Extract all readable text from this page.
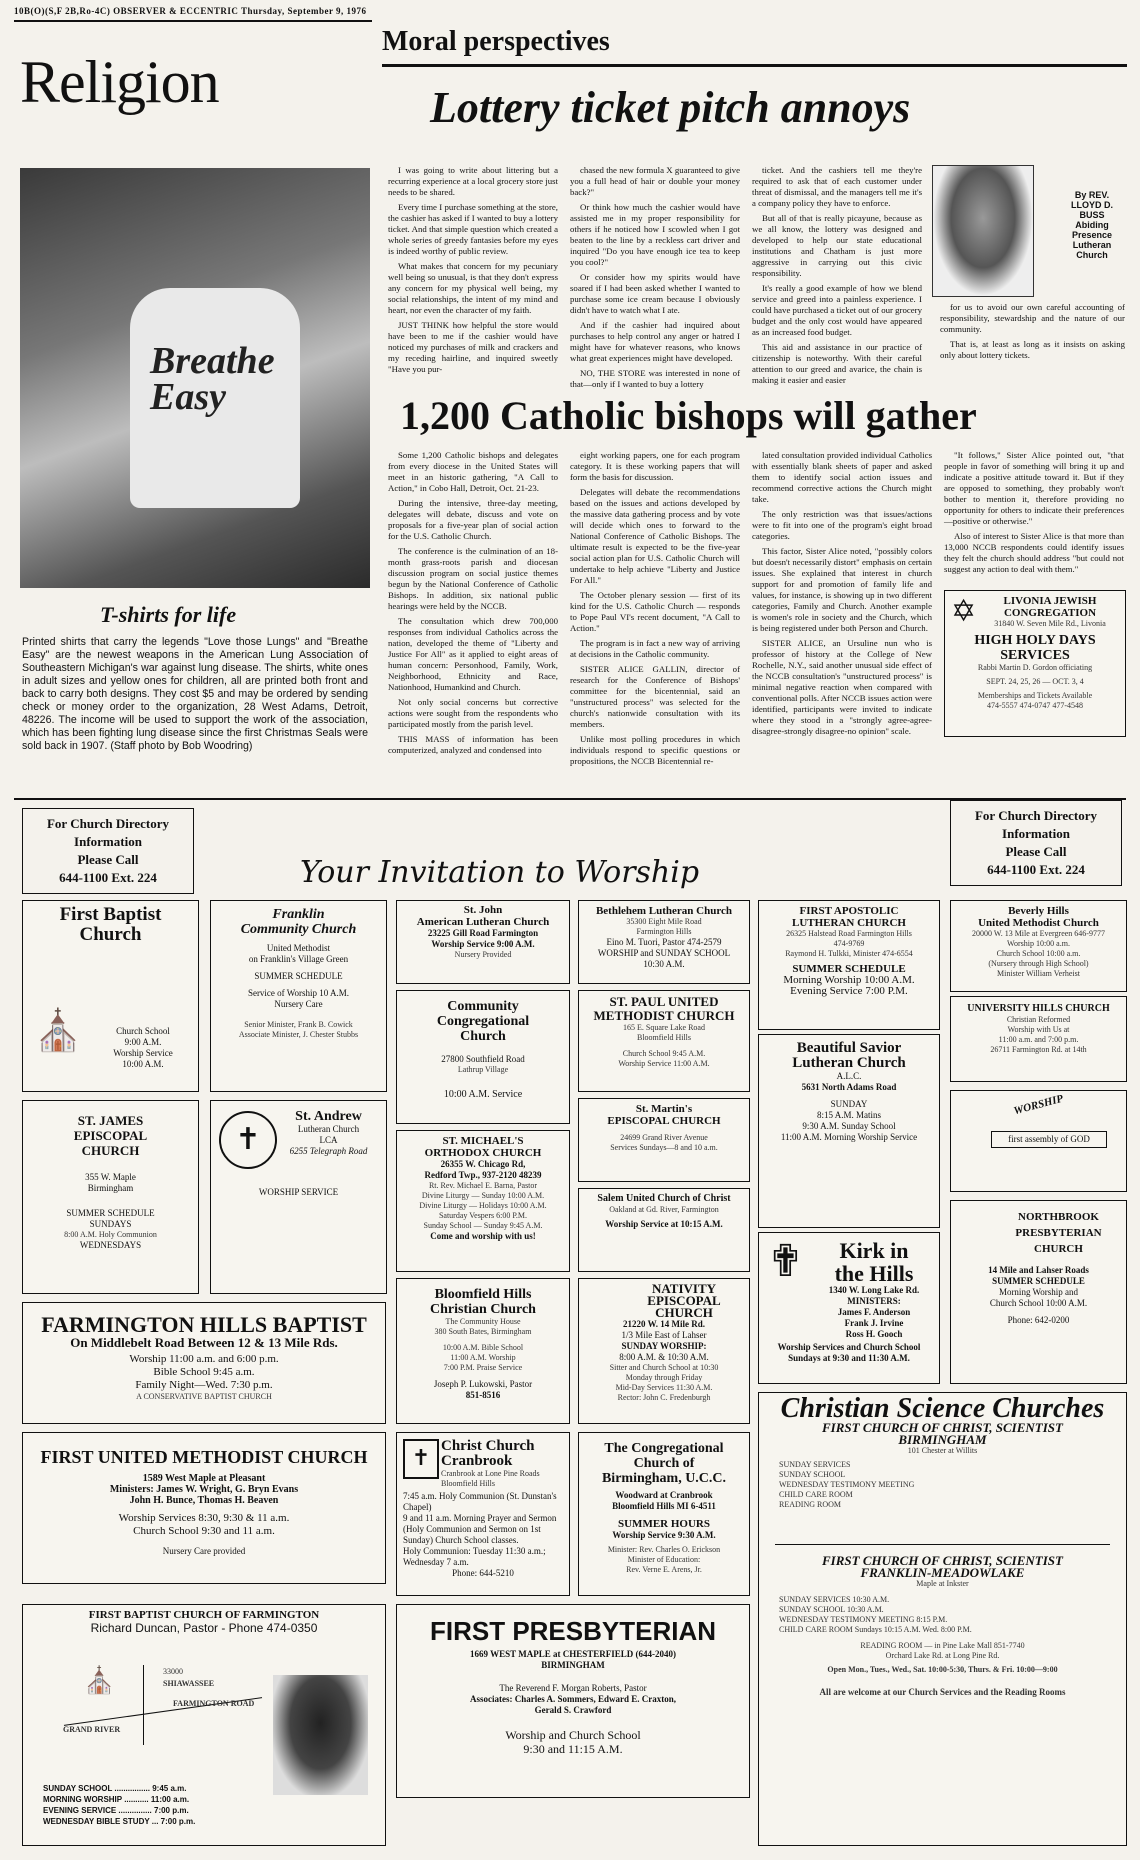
10B(O)(S,F 2B,Ro-4C) OBSERVER & ECCENTRIC Thursday, September 9, 1976
Religion
Moral perspectives
Lottery ticket pitch annoys
Breathe
Easy
T-shirts for life
Printed shirts that carry the legends "Love those Lungs" and "Breathe Easy" are the newest weapons in the American Lung Association of Southeastern Michigan's war against lung disease. The shirts, white ones in adult sizes and yellow ones for children, all are printed both front and back to carry both designs. They cost $5 and may be ordered by sending check or money order to the organization, 28 West Adams, Detroit, 48226. The income will be used to support the work of the association, which has been fighting lung disease since the first Christmas Seals were sold back in 1907. (Staff photo by Bob Woodring)

I was going to write about littering but a recurring experience at a local grocery store just needs to be shared.

Every time I purchase something at the store, the cashier has asked if I wanted to buy a lottery ticket. And that simple question which created a whole series of greedy fantasies before my eyes is indeed worthy of public review.

What makes that concern for my pecuniary well being so unusual, is that they don't express any concern for my physical well being, my social relationships, the intent of my mind and heart, nor even the character of my faith.

JUST THINK how helpful the store would have been to me if the cashier would have noticed my purchases of milk and crackers and my receding hairline, and inquired sweetly "Have you pur-

chased the new formula X guaranteed to give you a full head of hair or double your money back?"

Or think how much the cashier would have assisted me in my proper responsibility for others if he noticed how I scowled when I got beaten to the line by a reckless cart driver and inquired "Do you have enough ice tea to keep you cool?"

Or consider how my spirits would have soared if I had been asked whether I wanted to purchase some ice cream because I obviously didn't have to watch what I ate.

And if the cashier had inquired about purchases to help control any anger or hatred I might have for whatever reasons, who knows what great experiences might have developed.

NO, THE STORE was interested in none of that—only if I wanted to buy a lottery

ticket. And the cashiers tell me they're required to ask that of each customer under threat of dismissal, and the managers tell me it's a company policy they have to enforce.

But all of that is really picayune, because as we all know, the lottery was designed and developed to help our state educational institutions and Chatham is just more aggressive in carrying out this civic responsibility.

It's really a good example of how we blend service and greed into a painless experience. I could have purchased a ticket out of our grocery budget and the only cost would have appeared as an increased food budget.

This aid and assistance in our practice of citizenship is noteworthy. With their careful attention to our greed and avarice, the chain is making it easier and easier

By REV. LLOYD D. BUSS Abiding Presence Lutheran Church

for us to avoid our own careful accounting of responsibility, stewardship and the nature of our community.

That is, at least as long as it insists on asking only about lottery tickets.

1,200 Catholic bishops will gather

Some 1,200 Catholic bishops and delegates from every diocese in the United States will meet in an historic gathering, "A Call to Action," in Cobo Hall, Detroit, Oct. 21-23.

During the intensive, three-day meeting, delegates will debate, discuss and vote on proposals for a five-year plan of social action for the U.S. Catholic Church.

The conference is the culmination of an 18-month grass-roots parish and diocesan discussion program on social justice themes begun by the National Conference of Catholic Bishops. In addition, six national public hearings were held by the NCCB.

The consultation which drew 700,000 responses from individual Catholics across the nation, developed the theme of "Liberty and Justice For All" as it applied to eight areas of human concern: Personhood, Family, Work, Neighborhood, Ethnicity and Race, Nationhood, Humankind and Church.

Not only social concerns but corrective actions were sought from the respondents who participated mostly from the parish level.

THIS MASS of information has been computerized, analyzed and condensed into

eight working papers, one for each program category. It is these working papers that will form the basis for discussion.

Delegates will debate the recommendations based on the issues and actions developed by the massive data gathering process and by vote will decide which ones to forward to the National Conference of Catholic Bishops. The ultimate result is expected to be the five-year social action plan for U.S. Catholic Church will undertake to help achieve "Liberty and Justice For All."

The October plenary session — first of its kind for the U.S. Catholic Church — responds to Pope Paul VI's recent document, "A Call to Action."

The program is in fact a new way of arriving at decisions in the Catholic community.

SISTER ALICE GALLIN, director of research for the Conference of Bishops' committee for the bicentennial, said an "unstructured process" was selected for the church's nationwide consultation with its members.

Unlike most polling procedures in which individuals respond to specific questions or propositions, the NCCB Bicentennial re-

lated consultation provided individual Catholics with essentially blank sheets of paper and asked them to identify social action issues and recommend corrective actions the Church might take.

The only restriction was that issues/actions were to fit into one of the program's eight broad categories.

This factor, Sister Alice noted, "possibly colors but doesn't necessarily distort" emphasis on certain issues. She explained that interest in church support for and promotion of family life and values, for instance, is showing up in two different categories, Family and Church. Another example is women's role in society and the Church, which is being registered under both Person and Church.

SISTER ALICE, an Ursuline nun who is professor of history at the College of New Rochelle, N.Y., said another unusual side effect of the NCCB consultation's "unstructured process" is minimal negative reaction when compared with conventional polls. After NCCB issues action were identified, participants were invited to indicate where they stood in a "strongly agree-agree-disagree-strongly disagree-no opinion" scale.

"It follows," Sister Alice pointed out, "that people in favor of something will bring it up and indicate a positive attitude toward it. But if they are opposed to something, they probably won't bother to mention it, therefore providing no opportunity for others to indicate their preferences—positive or otherwise."

Also of interest to Sister Alice is that more than 13,000 NCCB respondents could identify issues they felt the church should address "but could not suggest any action to deal with them."

✡	LIVONIA JEWISH
CONGREGATION
31840 W. Seven Mile Rd., Livonia
HIGH HOLY DAYS
SERVICES
Rabbi Martin D. Gordon officiating
SEPT. 24, 25, 26 — OCT. 3, 4
Memberships and Tickets Available
474-5557 474-0747 477-4548
For Church Directory
Information
Please Call
644-1100 Ext. 224	Your Invitation to Worship
For Church Directory
Information
Please Call
644-1100 Ext. 224
First Baptist
Church
⛪	Church School
9:00 A.M.
Worship Service
10:00 A.M.
Franklin
Community Church
United Methodist
on Franklin's Village Green
SUMMER SCHEDULE
Service of Worship 10 A.M.
Nursery Care
Senior Minister, Frank B. Cowick
Associate Minister, J. Chester Stubbs
St. John
American Lutheran Church
23225 Gill Road Farmington
Worship Service 9:00 A.M.
Nursery Provided
Bethlehem Lutheran Church
35300 Eight Mile Road
Farmington Hills
Eino M. Tuori, Pastor 474-2579
WORSHIP and SUNDAY SCHOOL
10:30 A.M.
FIRST APOSTOLIC
LUTHERAN CHURCH
26325 Halstead Road Farmington Hills
474-9769
Raymond H. Tulkki, Minister 474-6554
SUMMER SCHEDULE
Morning Worship 10:00 A.M.
Evening Service 7:00 P.M.
Beverly Hills
United Methodist Church
20000 W. 13 Mile at Evergreen 646-9777
Worship 10:00 a.m.
Church School 10:00 a.m.
(Nursery through High School)
Minister William Verheist
Community
Congregational
Church
27800 Southfield Road
Lathrup Village
10:00 A.M. Service
ST. PAUL UNITED
METHODIST CHURCH
165 E. Square Lake Road
Bloomfield Hills
Church School 9:45 A.M.
Worship Service 11:00 A.M.
Beautiful Savior
Lutheran Church
A.L.C.
5631 North Adams Road
SUNDAY
8:15 A.M. Matins
9:30 A.M. Sunday School
11:00 A.M. Morning Worship Service
UNIVERSITY HILLS CHURCH
Christian Reformed
Worship with Us at
11:00 a.m. and 7:00 p.m.
26711 Farmington Rd. at 14th
WORSHIP
first assembly of GOD
ST. JAMES
EPISCOPAL
CHURCH
355 W. Maple
Birmingham
SUMMER SCHEDULE
SUNDAYS
8:00 A.M. Holy Communion
WEDNESDAYS
✝
St. Andrew
Lutheran Church
LCA
6255 Telegraph Road
WORSHIP SERVICE
ST. MICHAEL'S
ORTHODOX CHURCH
26355 W. Chicago Rd,
Redford Twp., 937-2120 48239
Rt. Rev. Michael E. Barna, Pastor
Divine Liturgy — Sunday 10:00 A.M.
Divine Liturgy — Holidays 10:00 A.M.
Saturday Vespers 6:00 P.M.
Sunday School — Sunday 9:45 A.M.
Come and worship with us!
St. Martin's
EPISCOPAL CHURCH
24699 Grand River Avenue
Services Sundays—8 and 10 a.m.
Salem United Church of Christ
Oakland at Gd. River, Farmington
Worship Service at 10:15 A.M.
✟	Kirk in
the Hills
1340 W. Long Lake Rd.
MINISTERS:
James F. Anderson
Frank J. Irvine
Ross H. Gooch
Worship Services and Church School
Sundays at 9:30 and 11:30 A.M.
NORTHBROOK
PRESBYTERIAN
CHURCH
14 Mile and Lahser Roads
SUMMER SCHEDULE
Morning Worship and
Church School 10:00 A.M.
Phone: 642-0200
FARMINGTON HILLS BAPTIST
On Middlebelt Road Between 12 & 13 Mile Rds.
Worship 11:00 a.m. and 6:00 p.m.
Bible School 9:45 a.m.
Family Night—Wed. 7:30 p.m.
A CONSERVATIVE BAPTIST CHURCH
Bloomfield Hills
Christian Church
The Community House
380 South Bates, Birmingham
10:00 A.M. Bible School
11:00 A.M. Worship
7:00 P.M. Praise Service
Joseph P. Lukowski, Pastor
851-8516
NATIVITY
EPISCOPAL
CHURCH
21220 W. 14 Mile Rd.
1/3 Mile East of Lahser
SUNDAY WORSHIP:
8:00 A.M. & 10:30 A.M.
Sitter and Church School at 10:30
Monday through Friday
Mid-Day Services 11:30 A.M.
Rector: John C. Fredenburgh
FIRST UNITED METHODIST CHURCH
1589 West Maple at Pleasant
Ministers: James W. Wright, G. Bryn Evans
John H. Bunce, Thomas H. Beaven
Worship Services 8:30, 9:30 & 11 a.m.
Church School 9:30 and 11 a.m.
Nursery Care provided
✝ Christ Church
Cranbrook
Cranbrook at Lone Pine Roads
Bloomfield Hills
7:45 a.m. Holy Communion (St. Dunstan's Chapel)
9 and 11 a.m. Morning Prayer and Sermon (Holy Communion and Sermon on 1st Sunday) Church School classes.
Holy Communion: Tuesday 11:30 a.m.; Wednesday 7 a.m.
Phone: 644-5210
The Congregational
Church of
Birmingham, U.C.C.
Woodward at Cranbrook
Bloomfield Hills MI 6-4511
SUMMER HOURS
Worship Service 9:30 A.M.
Minister: Rev. Charles O. Erickson
Minister of Education:
Rev. Verne E. Arens, Jr.
Christian Science Churches
FIRST CHURCH OF CHRIST, SCIENTIST
BIRMINGHAM
101 Chester at Willits
SUNDAY SERVICES
SUNDAY SCHOOL
WEDNESDAY TESTIMONY MEETING
CHILD CARE ROOM
READING ROOM
FIRST CHURCH OF CHRIST, SCIENTIST
FRANKLIN-MEADOWLAKE
Maple at Inkster
SUNDAY SERVICES 10:30 A.M.
SUNDAY SCHOOL 10:30 A.M.
WEDNESDAY TESTIMONY MEETING 8:15 P.M.
CHILD CARE ROOM Sundays 10:15 A.M. Wed. 8:00 P.M.
READING ROOM — in Pine Lake Mall 851-7740
Orchard Lake Rd. at Long Pine Rd.
Open Mon., Tues., Wed., Sat. 10:00-5:30, Thurs. & Fri. 10:00—9:00
All are welcome at our Church Services and the Reading Rooms
FIRST BAPTIST CHURCH OF FARMINGTON
Richard Duncan, Pastor - Phone 474-0350
⛪	33000
SHIAWASSEE
FARMINGTON ROAD
GRAND RIVER
SUNDAY SCHOOL ................ 9:45 a.m.
MORNING WORSHIP ........... 11:00 a.m.
EVENING SERVICE ............... 7:00 p.m.
WEDNESDAY BIBLE STUDY ... 7:00 p.m.
FIRST PRESBYTERIAN
1669 WEST MAPLE at CHESTERFIELD (644-2040)
BIRMINGHAM
The Reverend F. Morgan Roberts, Pastor
Associates: Charles A. Sommers, Edward E. Craxton,
Gerald S. Crawford
Worship and Church School
9:30 and 11:15 A.M.
